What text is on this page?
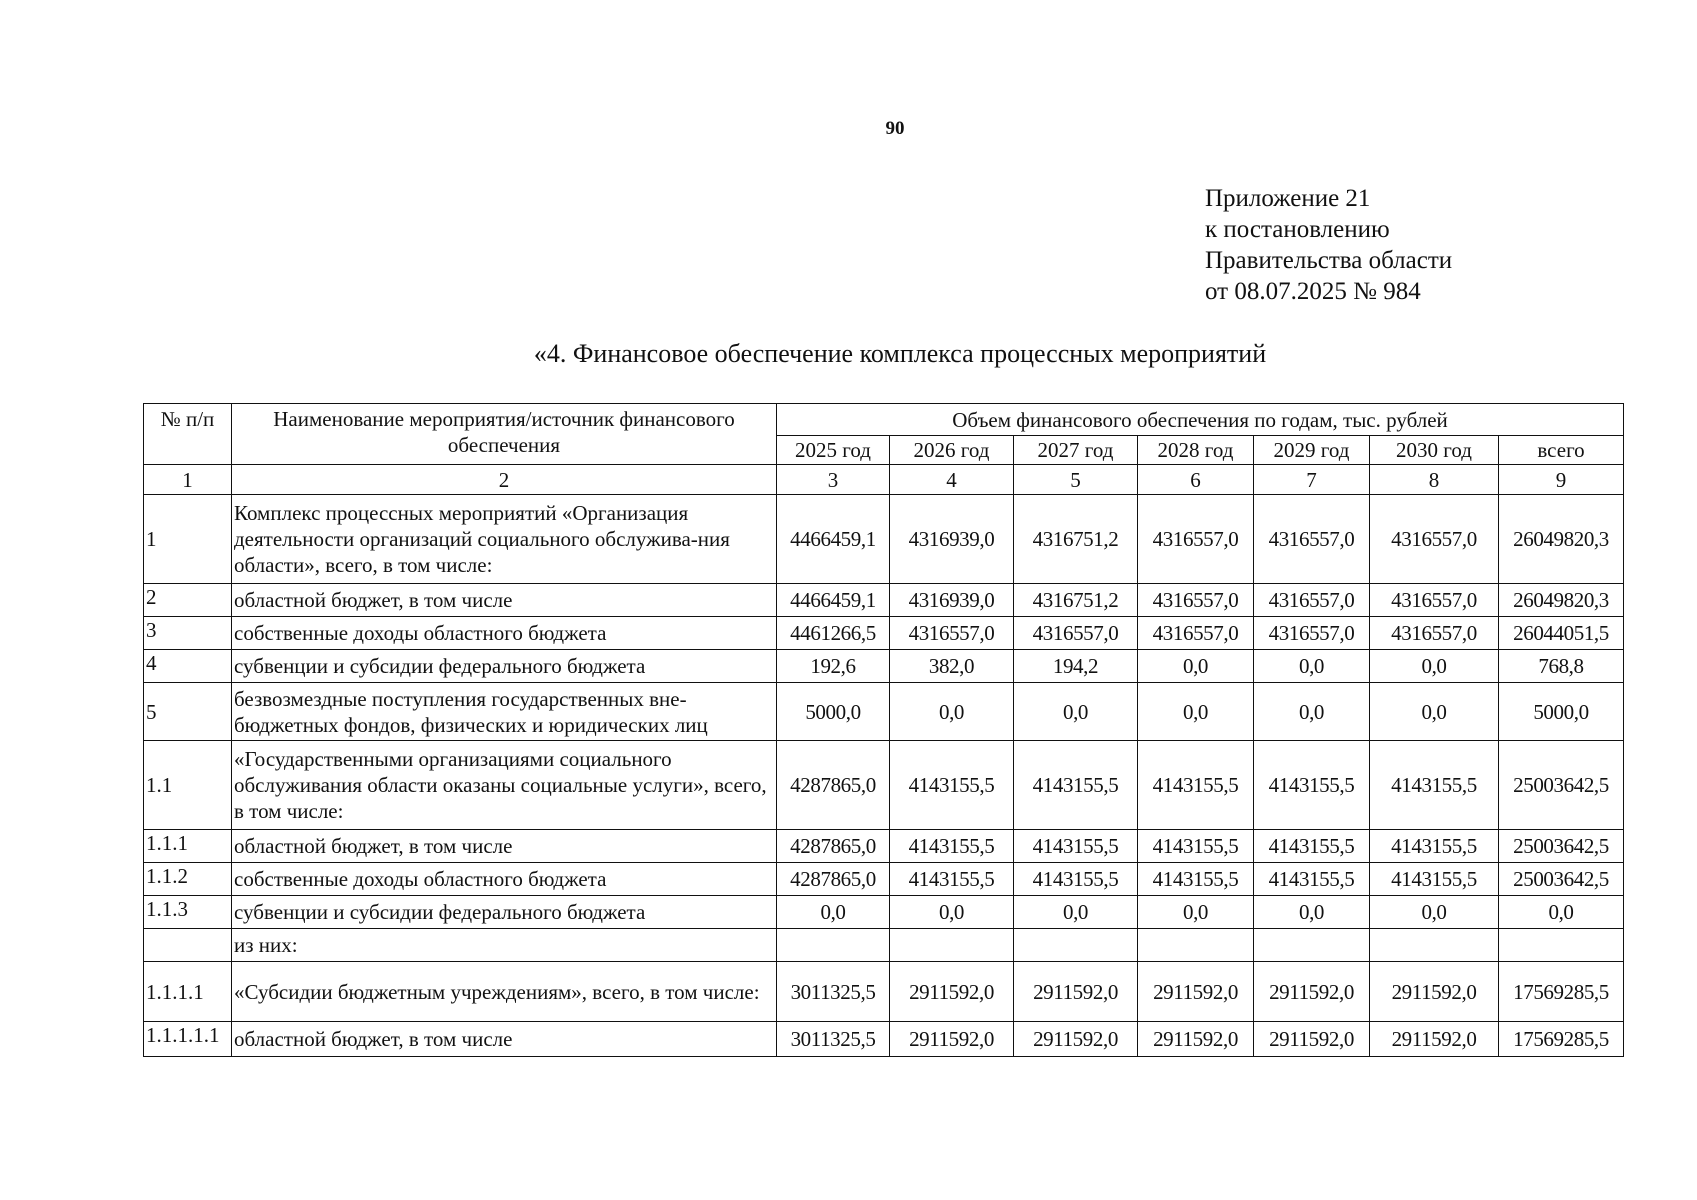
90
Приложение 21
к постановлению
Правительства области
от 08.07.2025 № 984
«4. Финансовое обеспечение комплекса процессных мероприятий
№ п/п	Наименование мероприятия/источник финансового обеспечения	Объем финансового обеспечения по годам, тыс. рублей						
		2025 год	2026 год	2027 год	2028 год	2029 год	2030 год	всего
1	2	3	4	5	6	7	8	9
1	Комплекс процессных мероприятий «Организация деятельности организаций социального обслужива-ния области», всего, в том числе:	4466459,1	4316939,0	4316751,2	4316557,0	4316557,0	4316557,0	26049820,3
2	областной бюджет, в том числе	4466459,1	4316939,0	4316751,2	4316557,0	4316557,0	4316557,0	26049820,3
3	собственные доходы областного бюджета	4461266,5	4316557,0	4316557,0	4316557,0	4316557,0	4316557,0	26044051,5
4	субвенции и субсидии федерального бюджета	192,6	382,0	194,2	0,0	0,0	0,0	768,8
5	безвозмездные поступления государственных вне-бюджетных фондов, физических и юридических лиц	5000,0	0,0	0,0	0,0	0,0	0,0	5000,0
1.1	«Государственными организациями социального обслуживания области оказаны социальные услуги», всего, в том числе:	4287865,0	4143155,5	4143155,5	4143155,5	4143155,5	4143155,5	25003642,5
1.1.1	областной бюджет, в том числе	4287865,0	4143155,5	4143155,5	4143155,5	4143155,5	4143155,5	25003642,5
1.1.2	собственные доходы областного бюджета	4287865,0	4143155,5	4143155,5	4143155,5	4143155,5	4143155,5	25003642,5
1.1.3	субвенции и субсидии федерального бюджета	0,0	0,0	0,0	0,0	0,0	0,0	0,0
	из них:							
1.1.1.1	«Субсидии бюджетным учреждениям», всего, в том числе:	3011325,5	2911592,0	2911592,0	2911592,0	2911592,0	2911592,0	17569285,5
1.1.1.1.1	областной бюджет, в том числе	3011325,5	2911592,0	2911592,0	2911592,0	2911592,0	2911592,0	17569285,5
